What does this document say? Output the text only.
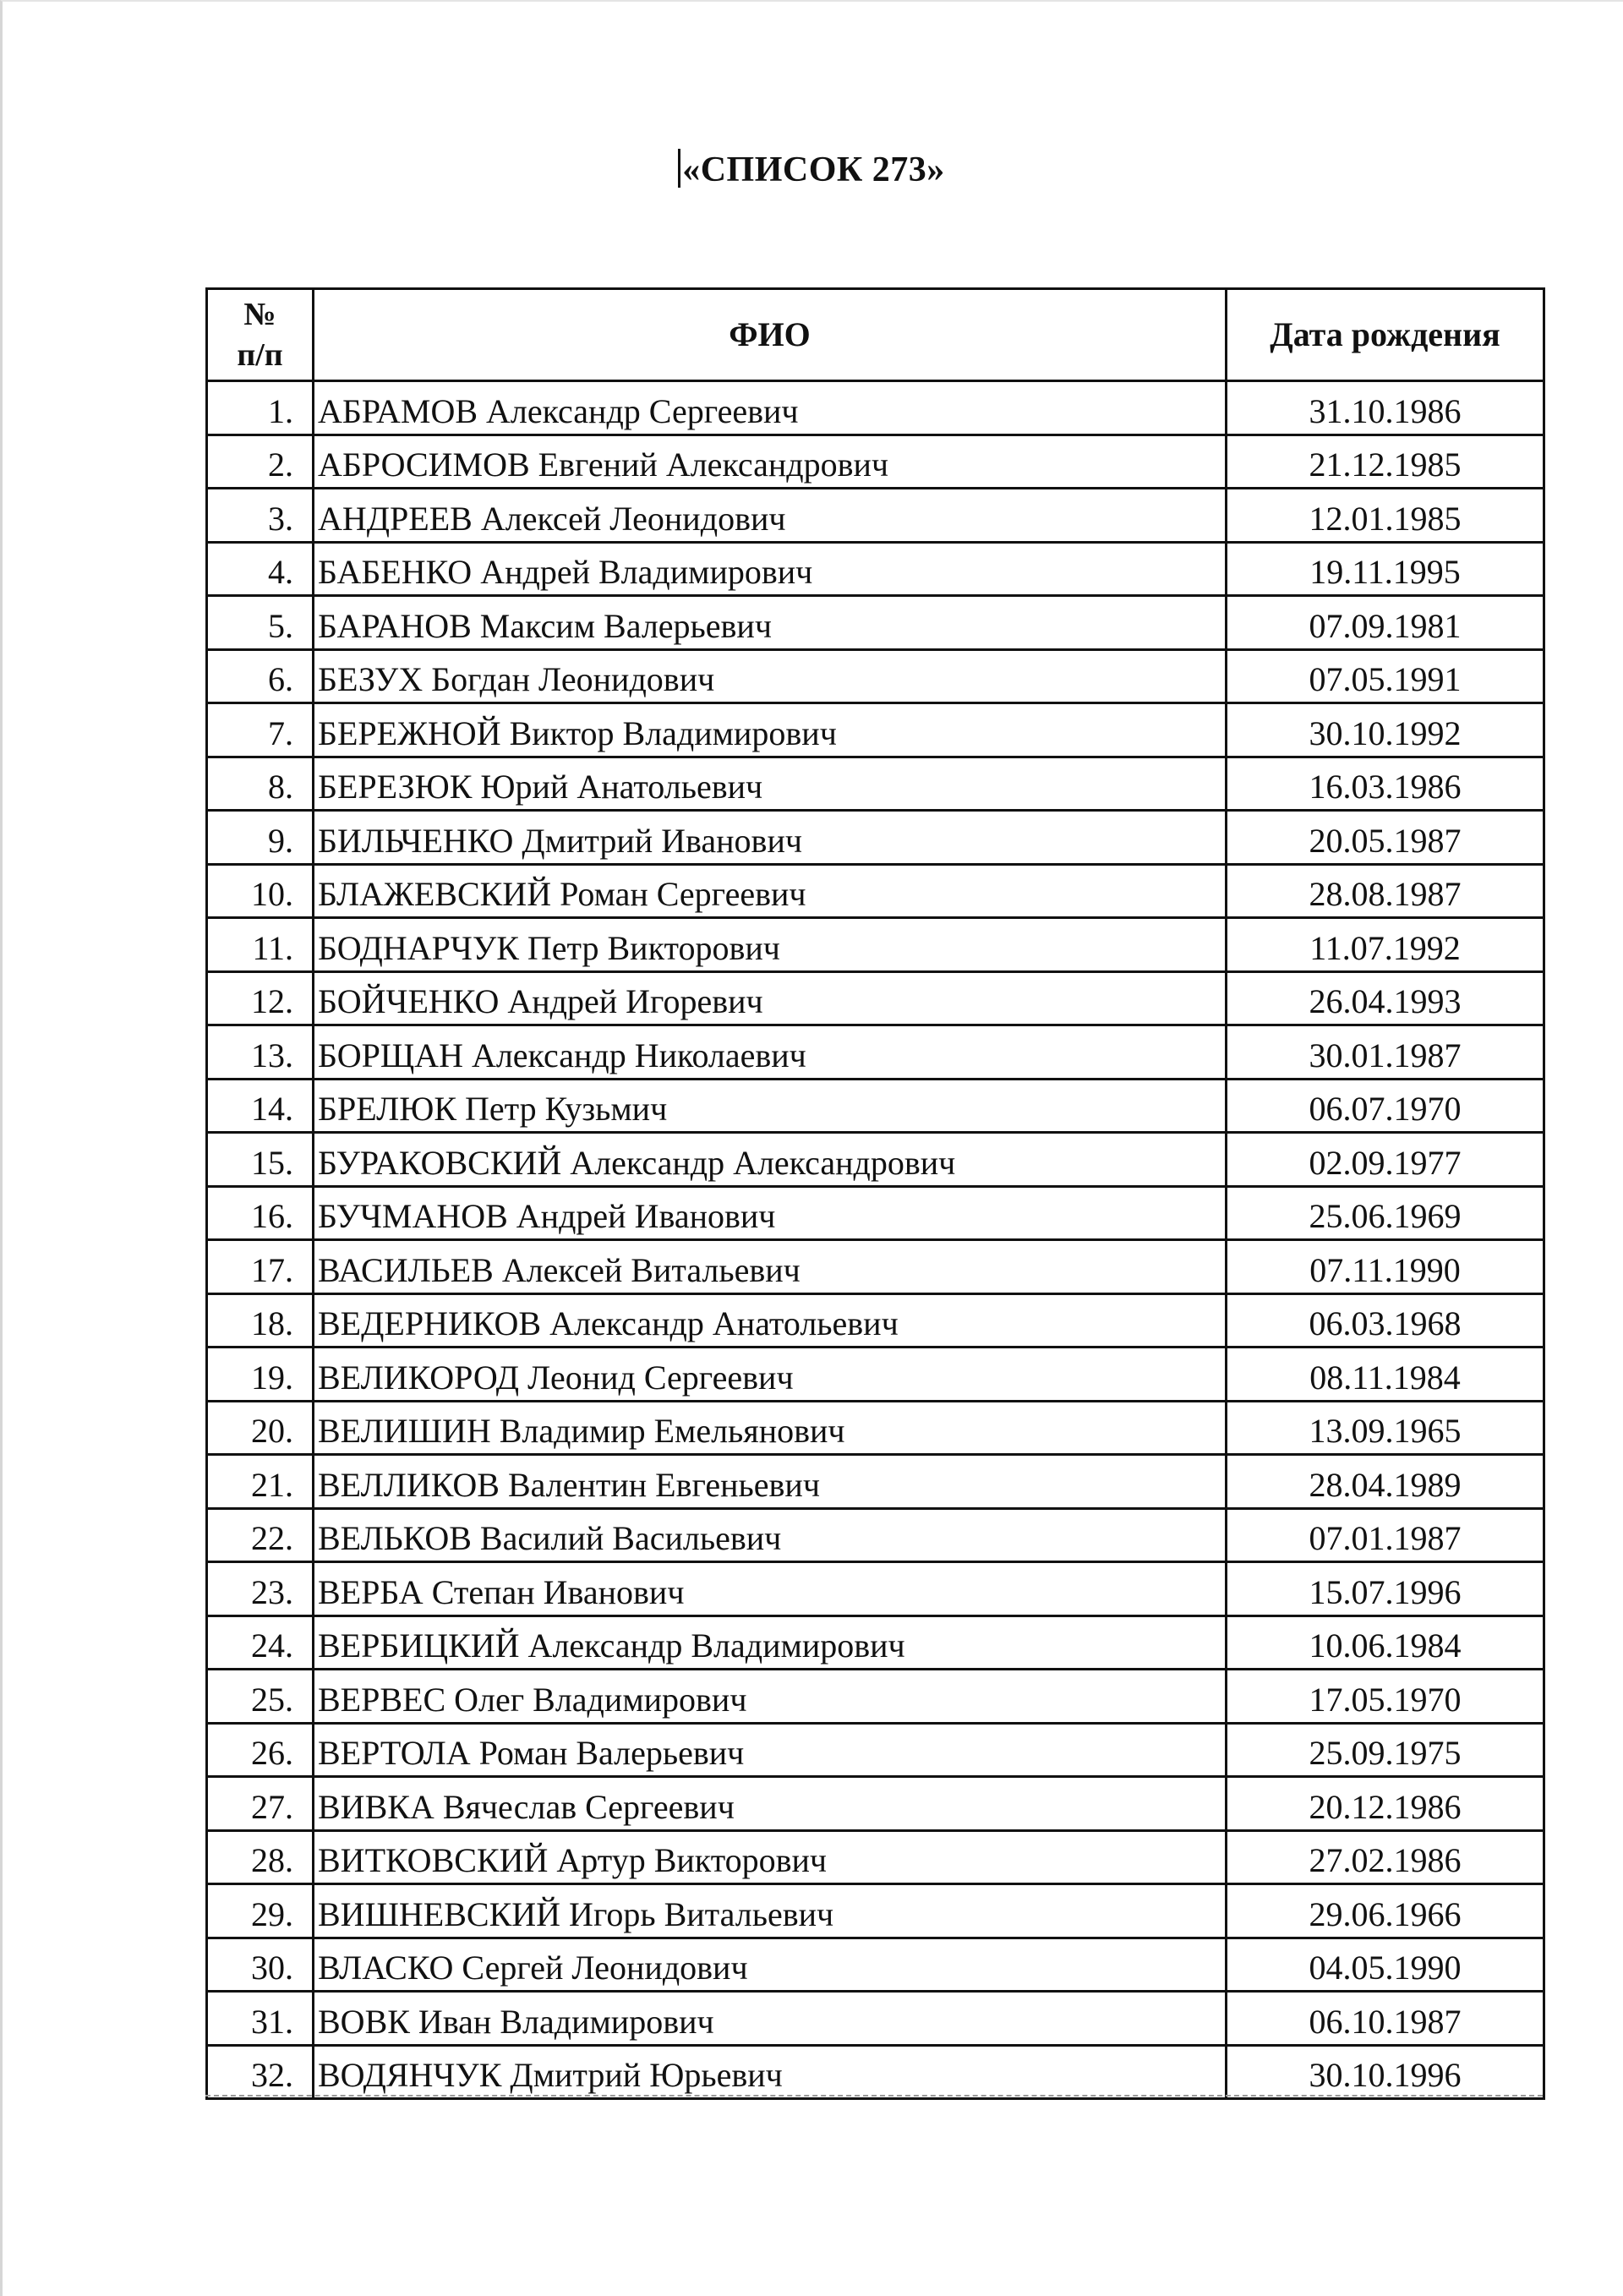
«СПИСОК 273»
№
п/п	ФИО	Дата рождения
1.	АБРАМОВ Александр Сергеевич	31.10.1986
2.	АБРОСИМОВ Евгений Александрович	21.12.1985
3.	АНДРЕЕВ Алексей Леонидович	12.01.1985
4.	БАБЕНКО Андрей Владимирович	19.11.1995
5.	БАРАНОВ Максим Валерьевич	07.09.1981
6.	БЕЗУХ Богдан Леонидович	07.05.1991
7.	БЕРЕЖНОЙ Виктор Владимирович	30.10.1992
8.	БЕРЕЗЮК Юрий Анатольевич	16.03.1986
9.	БИЛЬЧЕНКО Дмитрий Иванович	20.05.1987
10.	БЛАЖЕВСКИЙ Роман Сергеевич	28.08.1987
11.	БОДНАРЧУК Петр Викторович	11.07.1992
12.	БОЙЧЕНКО Андрей Игоревич	26.04.1993
13.	БОРЩАН Александр Николаевич	30.01.1987
14.	БРЕЛЮК Петр Кузьмич	06.07.1970
15.	БУРАКОВСКИЙ Александр Александрович	02.09.1977
16.	БУЧМАНОВ Андрей Иванович	25.06.1969
17.	ВАСИЛЬЕВ Алексей Витальевич	07.11.1990
18.	ВЕДЕРНИКОВ Александр Анатольевич	06.03.1968
19.	ВЕЛИКОРОД Леонид Сергеевич	08.11.1984
20.	ВЕЛИШИН Владимир Емельянович	13.09.1965
21.	ВЕЛЛИКОВ Валентин Евгеньевич	28.04.1989
22.	ВЕЛЬКОВ Василий Васильевич	07.01.1987
23.	ВЕРБА Степан Иванович	15.07.1996
24.	ВЕРБИЦКИЙ Александр Владимирович	10.06.1984
25.	ВЕРВЕС Олег Владимирович	17.05.1970
26.	ВЕРТОЛА Роман Валерьевич	25.09.1975
27.	ВИВКА Вячеслав Сергеевич	20.12.1986
28.	ВИТКОВСКИЙ Артур Викторович	27.02.1986
29.	ВИШНЕВСКИЙ Игорь Витальевич	29.06.1966
30.	ВЛАСКО Сергей Леонидович	04.05.1990
31.	ВОВК Иван Владимирович	06.10.1987
32.	ВОДЯНЧУК Дмитрий Юрьевич	30.10.1996
